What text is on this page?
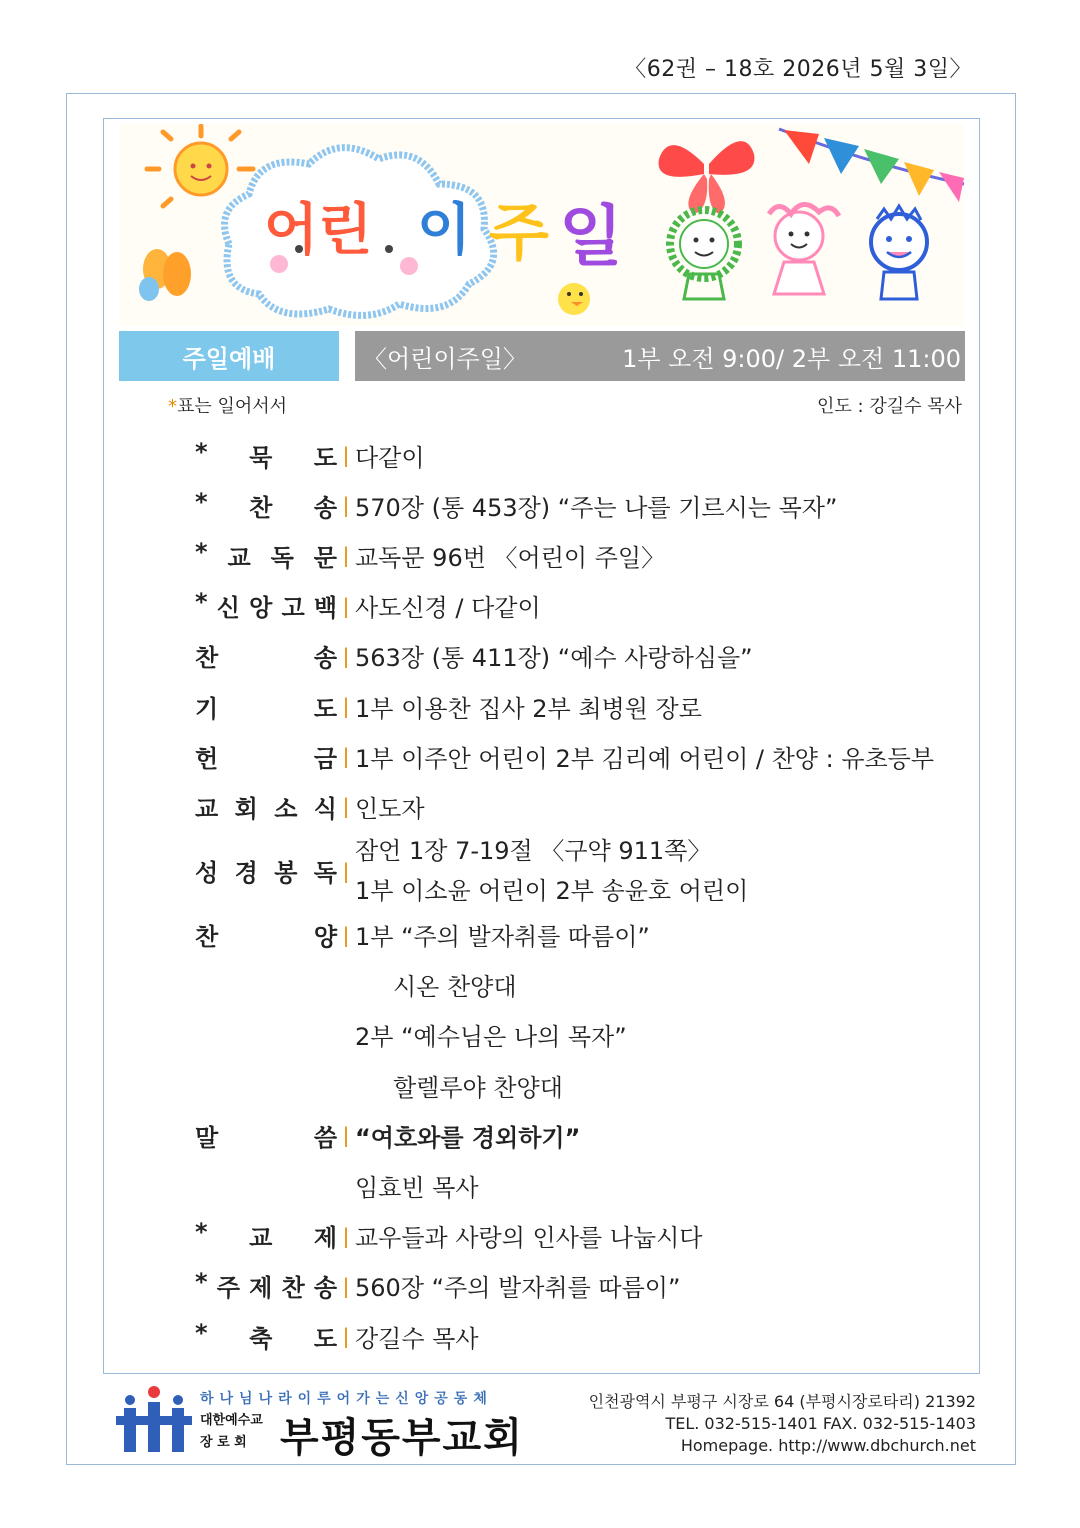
〈62권 – 18호 2026년 5월 3일〉
어린 이 주 일
주일예배	〈어린이주일〉	1부 오전 9:00/ 2부 오전 11:00
*표는 일어서서	인도 : 강길수 목사
* 묵 도 | 다같이
* 찬 송 | 570장 (통 453장) “주는 나를 기르시는 목자”
* 교 독 문 | 교독문 96번 〈어린이 주일〉
* 신 앙 고 백 | 사도신경 / 다같이
찬	송 | 563장 (통 411장) “예수 사랑하심을”
기	도 | 1부 이용찬 집사 2부 최병원 장로
헌	금 | 1부 이주안 어린이 2부 김리예 어린이 / 찬양 : 유초등부
교 회 소 식 | 인도자
성 경 봉 독 |
잠언 1장 7-19절 〈구약 911쪽〉
1부 이소윤 어린이 2부 송윤호 어린이
찬	양 | 1부 “주의 발자취를 따름이”
시온 찬양대
2부 “예수님은 나의 목자”
할렐루야 찬양대
말	씀 | “여호와를 경외하기”
임효빈 목사
* 교 제 | 교우들과 사랑의 인사를 나눕시다
* 주 제 찬 송 | 560장 “주의 발자취를 따름이”
* 축 도 | 강길수 목사
하나님나라이루어가는신앙공동체
대한예수교
장 로 회 부평동부교회
인천광역시 부평구 시장로 64 (부평시장로타리) 21392
TEL. 032-515-1401 FAX. 032-515-1403
Homepage. http://www.dbchurch.net
